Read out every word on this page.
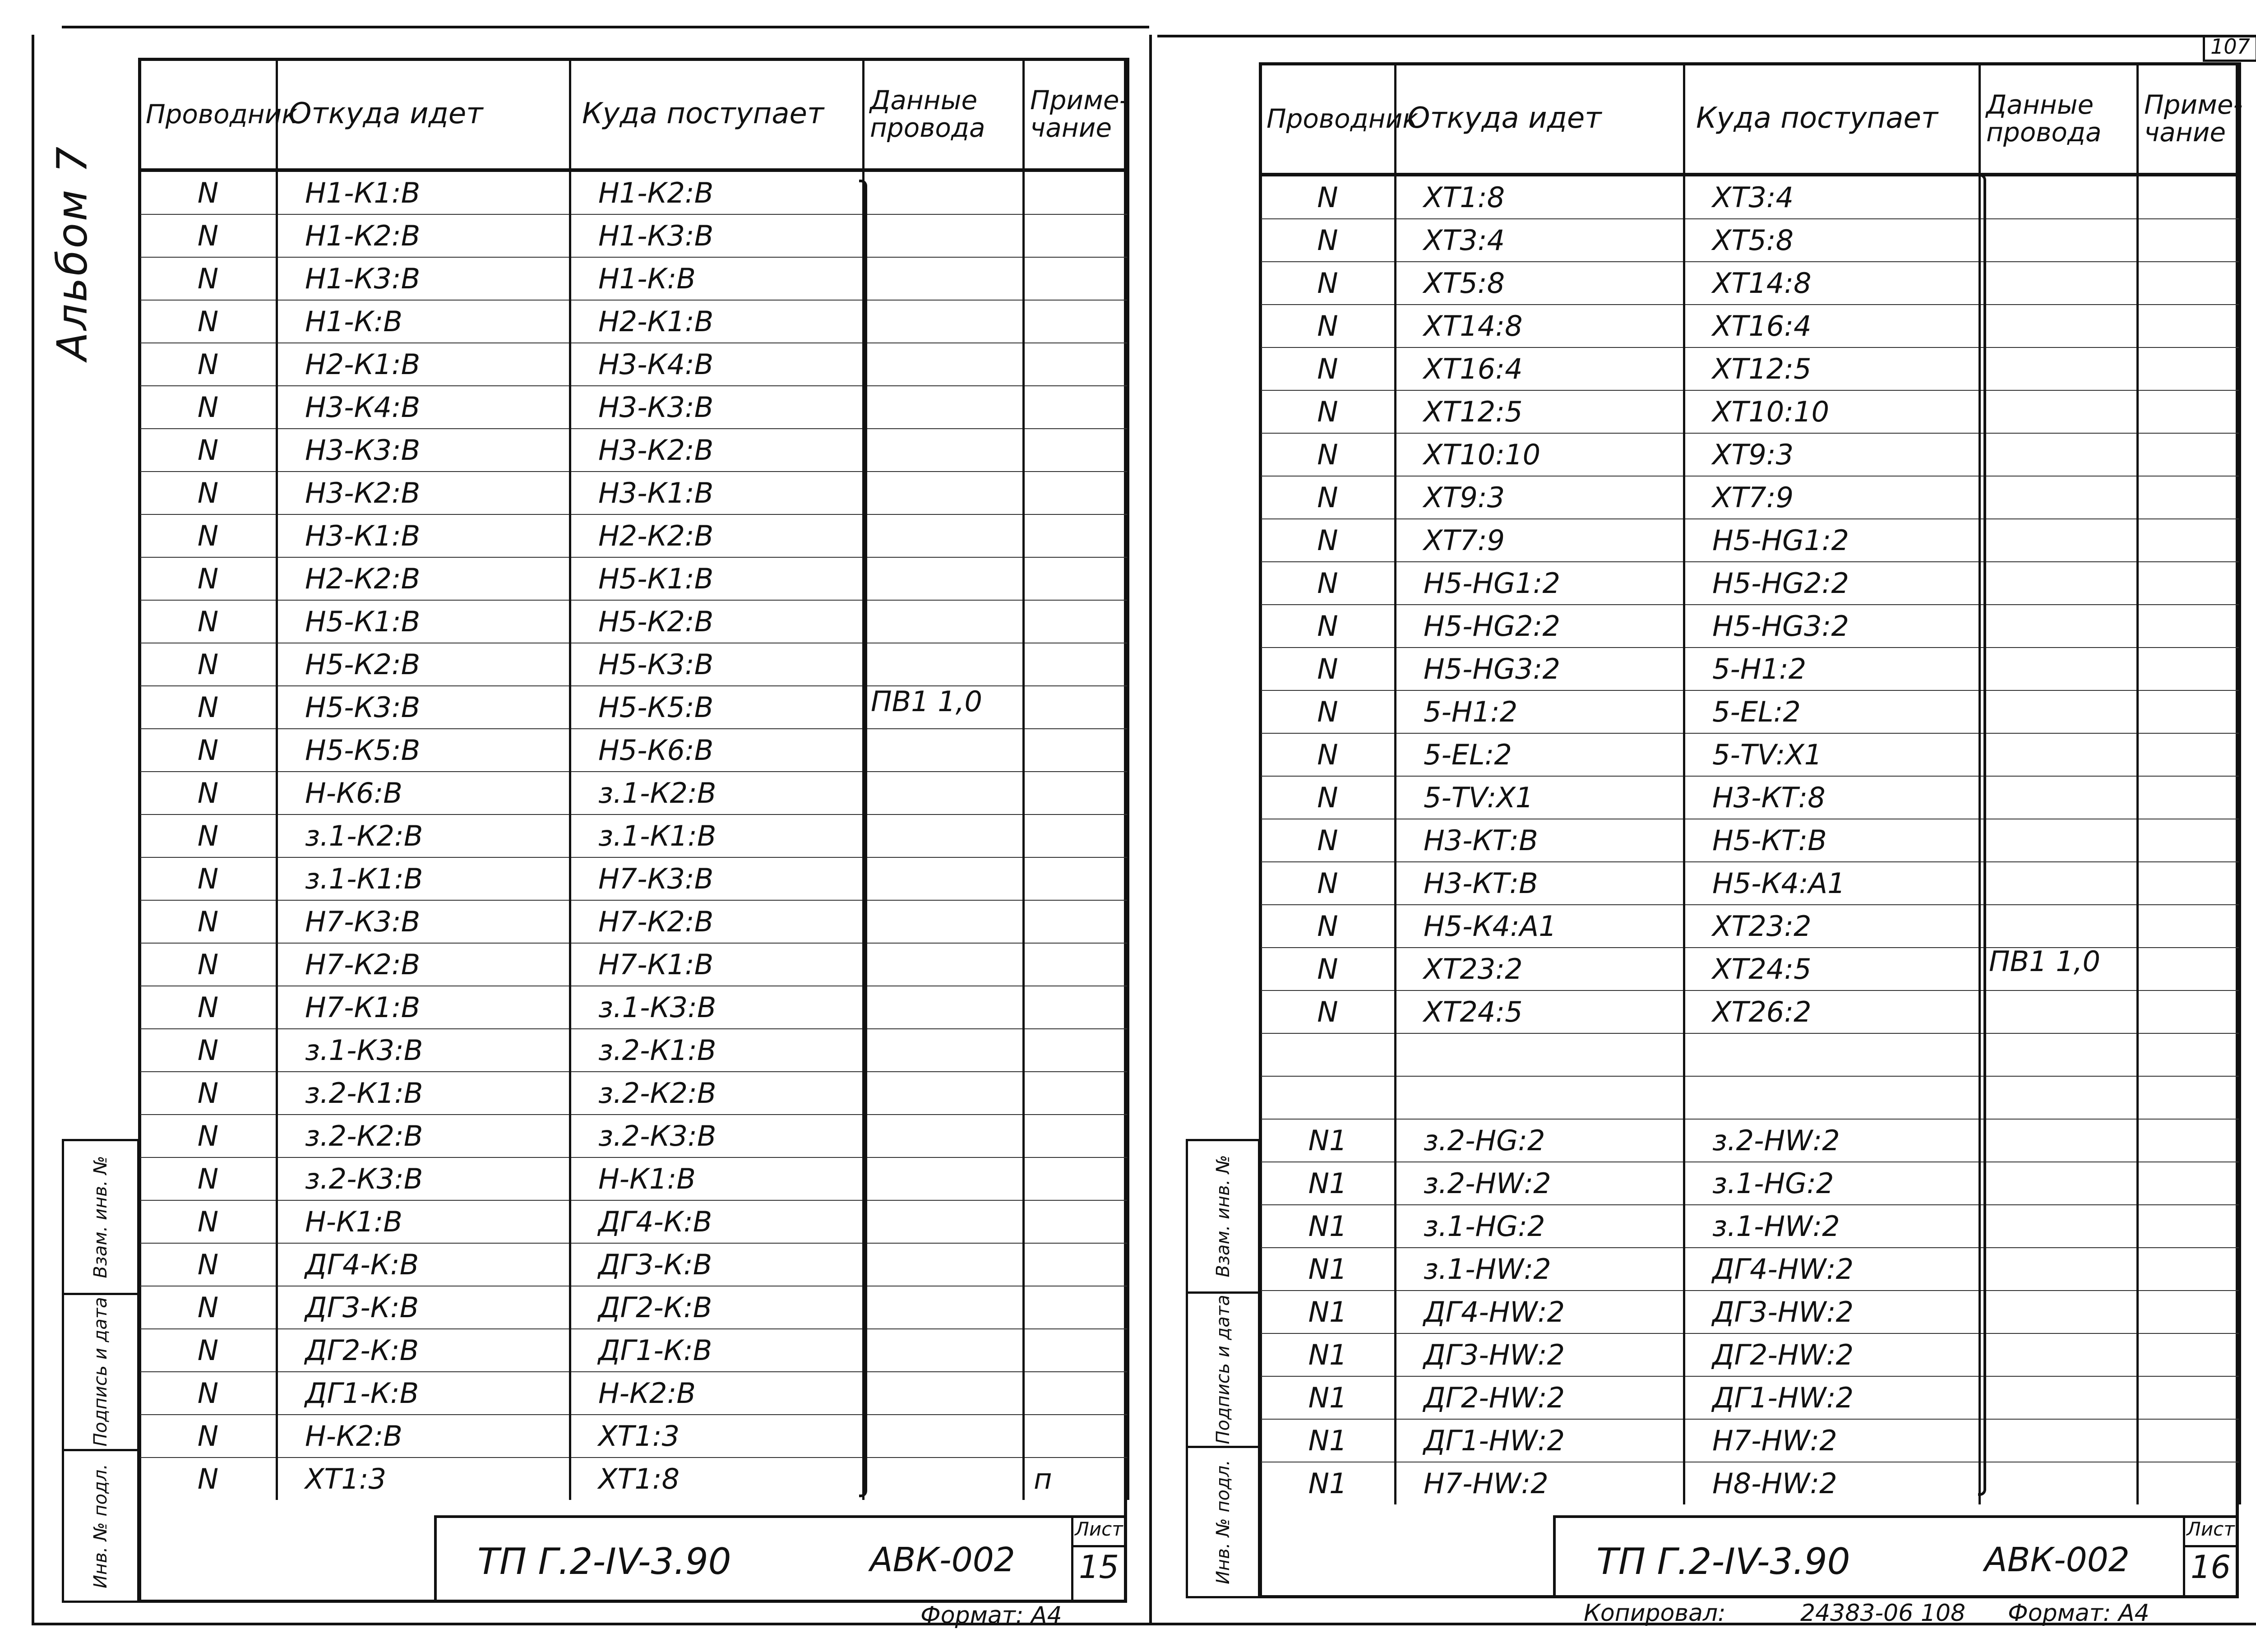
Альбом 7
107
Взам. инв. №
Подпись и дата
Инв. № подл.
Проводник	Откуда идет	Куда поступает	Данные провода	Приме- чание
N	Н1-К1:В	Н1-К2:В		
N	Н1-К2:В	Н1-К3:В		
N	Н1-К3:В	Н1-К:В		
N	Н1-К:В	Н2-К1:В		
N	Н2-К1:В	Н3-К4:В		
N	Н3-К4:В	Н3-К3:В		
N	Н3-К3:В	Н3-К2:В		
N	Н3-К2:В	Н3-К1:В		
N	Н3-К1:В	Н2-К2:В		
N	Н2-К2:В	Н5-К1:В		
N	Н5-К1:В	Н5-К2:В		
N	Н5-К2:В	Н5-К3:В		
N	Н5-К3:В	Н5-К5:В		
N	Н5-К5:В	Н5-К6:В		
N	Н-К6:В	з.1-К2:В		
N	з.1-К2:В	з.1-К1:В		
N	з.1-К1:В	Н7-К3:В		
N	Н7-К3:В	Н7-К2:В		
N	Н7-К2:В	Н7-К1:В		
N	Н7-К1:В	з.1-К3:В		
N	з.1-К3:В	з.2-К1:В		
N	з.2-К1:В	з.2-К2:В		
N	з.2-К2:В	з.2-К3:В		
N	з.2-К3:В	Н-К1:В		
N	Н-К1:В	ДГ4-К:В		
N	ДГ4-К:В	ДГ3-К:В		
N	ДГ3-К:В	ДГ2-К:В		
N	ДГ2-К:В	ДГ1-К:В		
N	ДГ1-К:В	Н-К2:В		
N	Н-К2:В	ХТ1:3		
N	ХТ1:3	ХТ1:8		п
ПВ1 1,0
ТП Г.2-IV-3.90	АВК-002
Лист
15
Формат: А4
Взам. инв. №
Подпись и дата
Инв. № подл.
Проводник	Откуда идет	Куда поступает	Данные провода	Приме- чание
N	ХТ1:8	ХТ3:4		
N	ХТ3:4	ХТ5:8		
N	ХТ5:8	ХТ14:8		
N	ХТ14:8	ХТ16:4		
N	ХТ16:4	ХТ12:5		
N	ХТ12:5	ХТ10:10		
N	ХТ10:10	ХТ9:3		
N	ХТ9:3	ХТ7:9		
N	ХТ7:9	Н5-НG1:2		
N	Н5-НG1:2	Н5-НG2:2		
N	Н5-НG2:2	Н5-НG3:2		
N	Н5-НG3:2	5-Н1:2		
N	5-Н1:2	5-ЕL:2		
N	5-ЕL:2	5-ТV:Х1		
N	5-ТV:Х1	Н3-КТ:8		
N	Н3-КТ:В	Н5-КТ:В		
N	Н3-КТ:В	Н5-К4:А1		
N	Н5-К4:А1	ХТ23:2		
N	ХТ23:2	ХТ24:5		
N	ХТ24:5	ХТ26:2		

N1	з.2-НG:2	з.2-НW:2		
N1	з.2-НW:2	з.1-НG:2		
N1	з.1-НG:2	з.1-НW:2		
N1	з.1-НW:2	ДГ4-НW:2		
N1	ДГ4-НW:2	ДГ3-НW:2		
N1	ДГ3-НW:2	ДГ2-НW:2		
N1	ДГ2-НW:2	ДГ1-НW:2		
N1	ДГ1-НW:2	Н7-НW:2		
N1	Н7-НW:2	Н8-НW:2		
ПВ1 1,0
ТП Г.2-IV-3.90	АВК-002
Лист
16
Копировал:	24383-06 108 Формат: А4
